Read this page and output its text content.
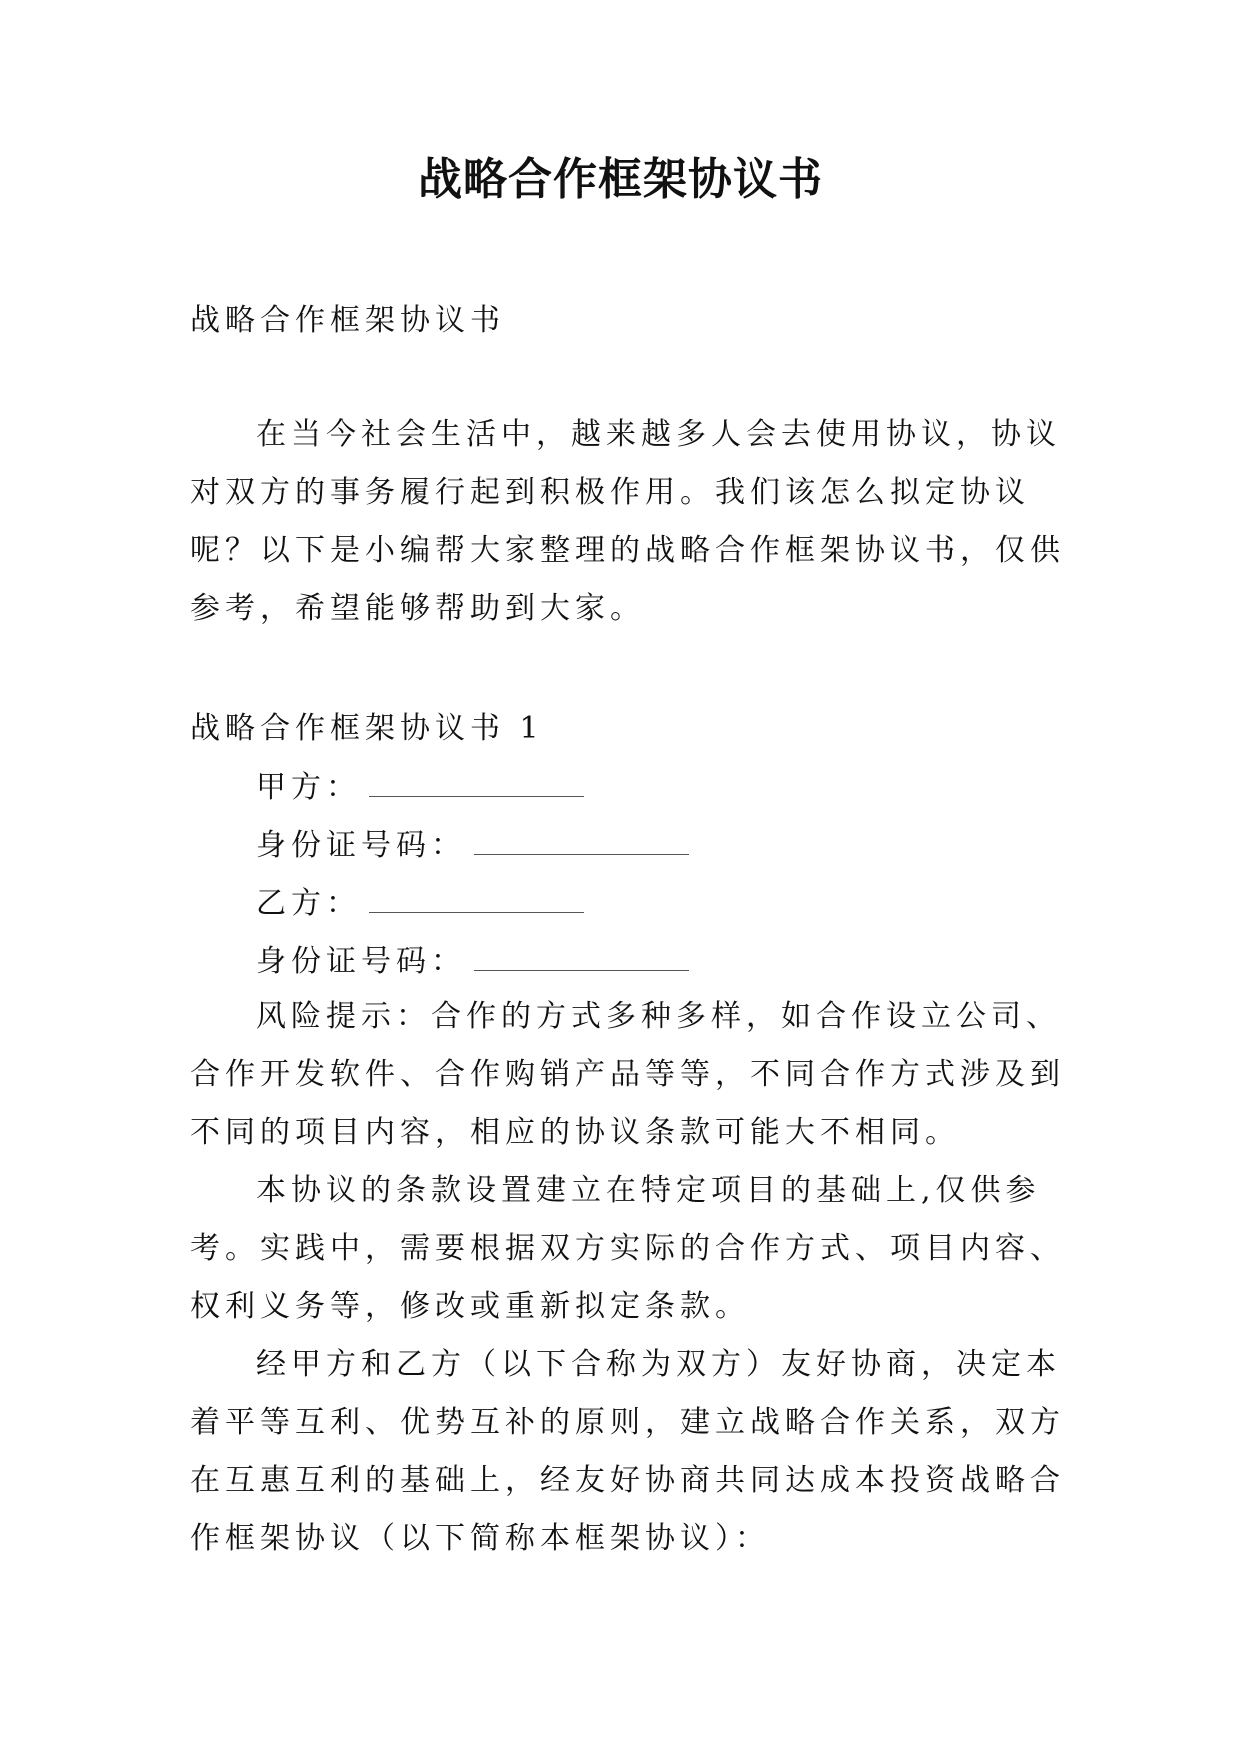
战略合作框架协议书
战略合作框架协议书
在当今社会生活中，越来越多人会去使用协议，协议对双方的事务履行起到积极作用。我们该怎么拟定协议呢？以下是小编帮大家整理的战略合作框架协议书，仅供参考，希望能够帮助到大家。
战略合作框架协议书 1
甲方：
身份证号码：
乙方：
身份证号码：
风险提示：合作的方式多种多样，如合作设立公司、合作开发软件、合作购销产品等等，不同合作方式涉及到不同的项目内容，相应的协议条款可能大不相同。
本协议的条款设置建立在特定项目的基础上,仅供参考。实践中，需要根据双方实际的合作方式、项目内容、权利义务等，修改或重新拟定条款。
经甲方和乙方（以下合称为双方）友好协商，决定本着平等互利、优势互补的原则，建立战略合作关系，双方在互惠互利的基础上，经友好协商共同达成本投资战略合作框架协议（以下简称本框架协议）：
